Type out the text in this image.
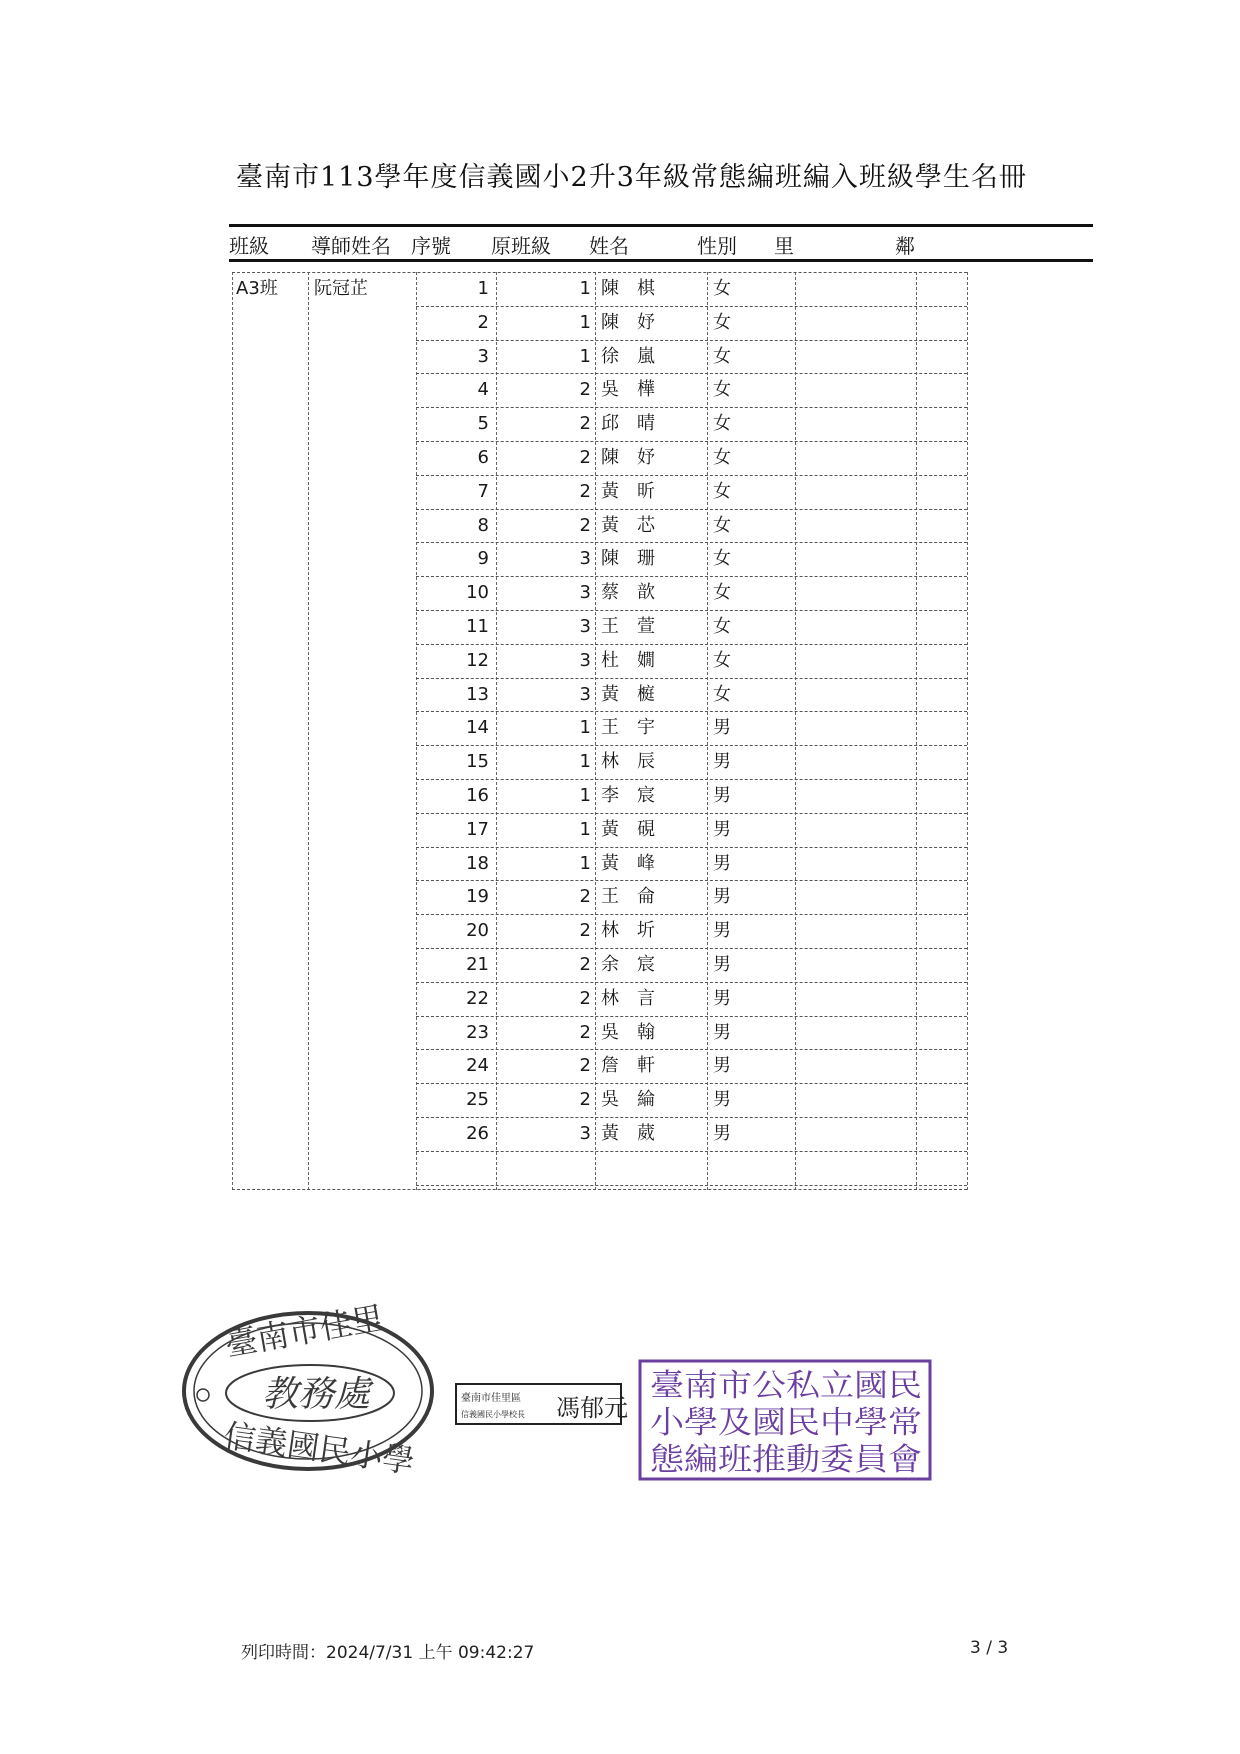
臺南市113學年度信義國小2升3年級常態編班編入班級學生名冊
班級 導師姓名 序號 原班級 姓名	性別 里	鄰
A3班 阮冠芷	1	1 陳	棋	女
2	1 陳	妤	女
3	1 徐	嵐	女
4	2 吳	樺	女
5	2 邱	晴	女
6	2 陳	妤	女
7	2 黃	昕	女
8	2 黃	芯	女
9	3 陳	珊	女
10	3 蔡	歆	女
11	3 王	萱	女
12	3 杜	嫺	女
13	3 黃	榳	女
14	1 王	宇	男
15	1 林	辰	男
16	1 李	宸	男
17	1 黃	硯	男
18	1 黃	峰	男
19	2 王	侖	男
20	2 林	圻	男
21	2 余	宸	男
22	2 林	言	男
23	2 吳	翰	男
24	2 詹	軒	男
25	2 吳	綸	男
26	3 黃	葳	男
臺南市佳里
教務處
信義國民小學
臺南市佳里區
信義國民小學校長 馮郁元
臺南市公私立國民
小學及國民中學常
態編班推動委員會
列印時間：2024/7/31 上午 09:42:27	3 / 3
